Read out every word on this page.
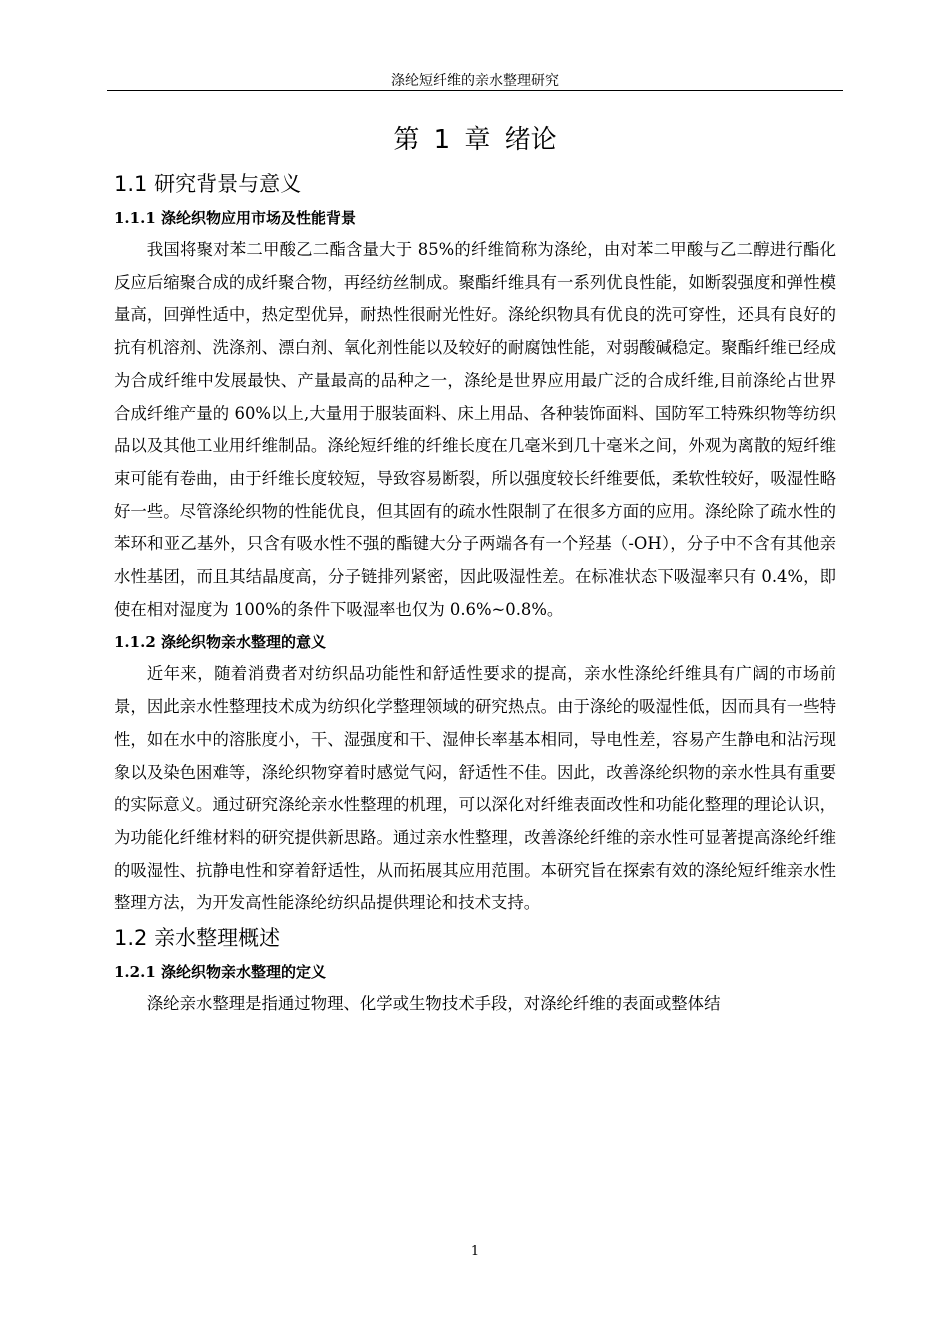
涤纶短纤维的亲水整理研究
第 1 章 绪论
1.1 研究背景与意义
1.1.1 涤纶织物应用市场及性能背景

我国将聚对苯二甲酸乙二酯含量大于 85%的纤维简称为涤纶，由对苯二甲酸与乙二醇进行酯化反应后缩聚合成的成纤聚合物，再经纺丝制成。聚酯纤维具有一系列优良性能，如断裂强度和弹性模量高，回弹性适中，热定型优异，耐热性很耐光性好。涤纶织物具有优良的洗可穿性，还具有良好的抗有机溶剂、洗涤剂、漂白剂、氧化剂性能以及较好的耐腐蚀性能，对弱酸碱稳定。聚酯纤维已经成为合成纤维中发展最快、产量最高的品种之一，涤纶是世界应用最广泛的合成纤维,目前涤纶占世界合成纤维产量的 60%以上,大量用于服装面料、床上用品、各种装饰面料、国防军工特殊织物等纺织品以及其他工业用纤维制品。涤纶短纤维的纤维长度在几毫米到几十毫米之间，外观为离散的短纤维束可能有卷曲，由于纤维长度较短，导致容易断裂，所以强度较长纤维要低，柔软性较好，吸湿性略好一些。尽管涤纶织物的性能优良，但其固有的疏水性限制了在很多方面的应用。涤纶除了疏水性的苯环和亚乙基外，只含有吸水性不强的酯键大分子两端各有一个羟基（-OH），分子中不含有其他亲水性基团，而且其结晶度高，分子链排列紧密，因此吸湿性差。在标准状态下吸湿率只有 0.4%，即使在相对湿度为 100%的条件下吸湿率也仅为 0.6%~0.8%。

1.1.2 涤纶织物亲水整理的意义

近年来，随着消费者对纺织品功能性和舒适性要求的提高，亲水性涤纶纤维具有广阔的市场前景，因此亲水性整理技术成为纺织化学整理领域的研究热点。由于涤纶的吸湿性低，因而具有一些特性，如在水中的溶胀度小，干、湿强度和干、湿伸长率基本相同，导电性差，容易产生静电和沾污现象以及染色困难等，涤纶织物穿着时感觉气闷，舒适性不佳。因此，改善涤纶织物的亲水性具有重要的实际意义。通过研究涤纶亲水性整理的机理，可以深化对纤维表面改性和功能化整理的理论认识，为功能化纤维材料的研究提供新思路。通过亲水性整理，改善涤纶纤维的亲水性可显著提高涤纶纤维的吸湿性、抗静电性和穿着舒适性，从而拓展其应用范围。本研究旨在探索有效的涤纶短纤维亲水性整理方法，为开发高性能涤纶纺织品提供理论和技术支持。

1.2 亲水整理概述
1.2.1 涤纶织物亲水整理的定义

涤纶亲水整理是指通过物理、化学或生物技术手段，对涤纶纤维的表面或整体结

1
